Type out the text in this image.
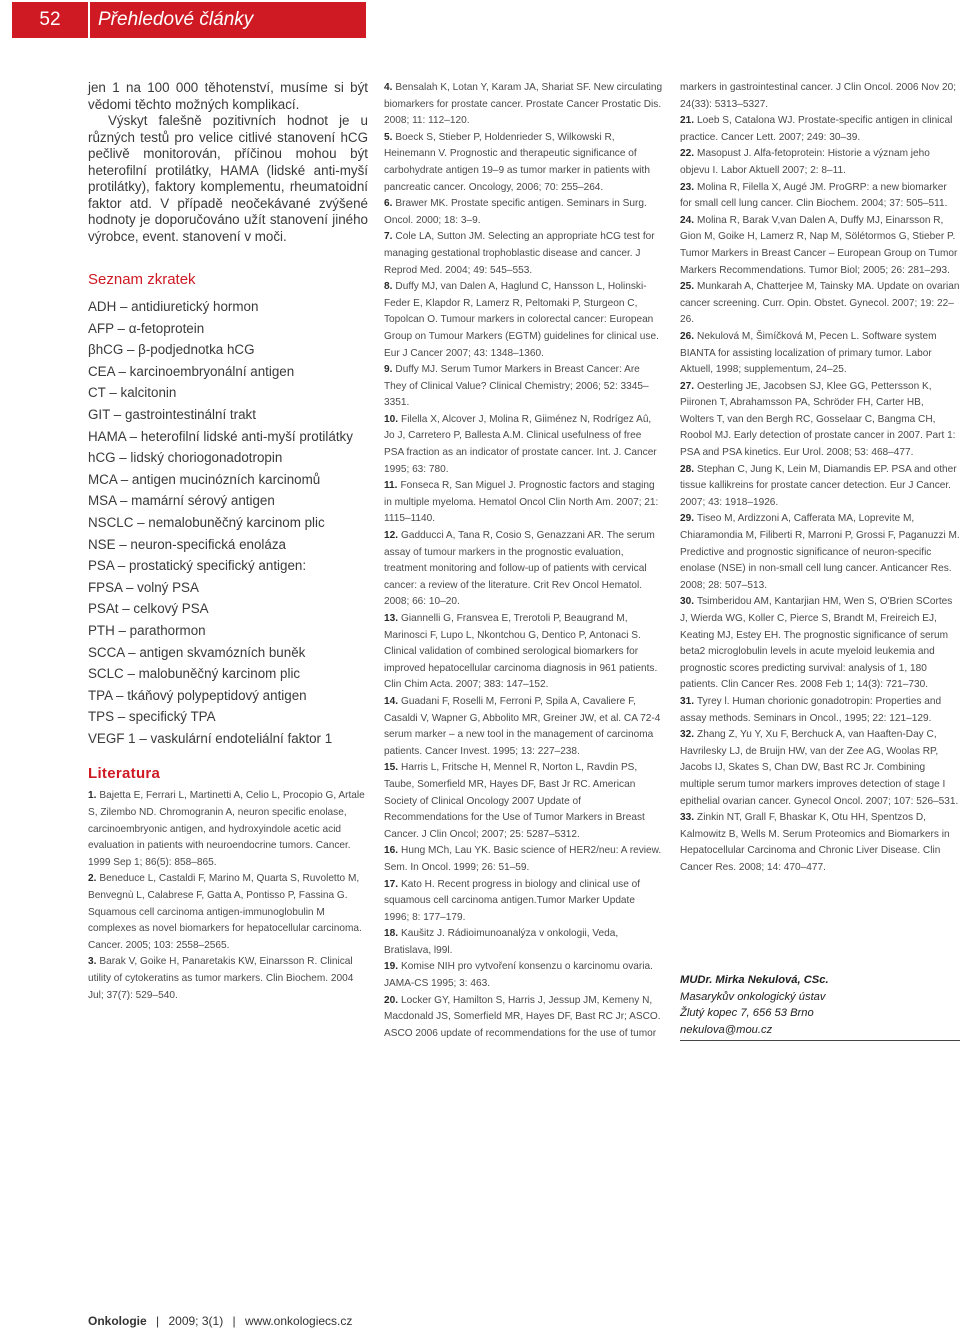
52 Přehledové články

jen 1 na 100 000 těhotenství, musíme si být vědomi těchto možných komplikací.

Výskyt falešně pozitivních hodnot je u různých testů pro velice citlivé stanovení hCG pečlivě monitorován, příčinou mohou být heterofilní protilátky, HAMA (lidské anti-myší protilátky), faktory komplementu, rheumatoidní faktor atd. V případě neočekávané zvýšené hodnoty je doporučováno užít stanovení jiného výrobce, event. stanovení v moči.

Seznam zkratek
ADH – antidiuretický hormon
AFP – α-fetoprotein
βhCG – β-podjednotka hCG
CEA – karcinoembryonální antigen
CT – kalcitonin
GIT – gastrointestinální trakt
HAMA – heterofilní lidské anti-myší protilátky
hCG – lidský choriogonadotropin
MCA – antigen mucinózních karcinomů
MSA – mamární sérový antigen
NSCLC – nemalobuněčný karcinom plic
NSE – neuron-specifická enoláza
PSA – prostatický specifický antigen:
FPSA – volný PSA
PSAt – celkový PSA
PTH – parathormon
SCCA – antigen skvamózních buněk
SCLC – malobuněčný karcinom plic
TPA – tkáňový polypeptidový antigen
TPS – specifický TPA
VEGF 1 – vaskulární endoteliální faktor 1
Literatura
1. Bajetta E, Ferrari L, Martinetti A, Celio L, Procopio G, Artale S, Zilembo ND. Chromogranin A, neuron specific enolase, carcinoembryonic antigen, and hydroxyindole acetic acid evaluation in patients with neuroendocrine tumors. Cancer. 1999 Sep 1; 86(5): 858–865.
2. Beneduce L, Castaldi F, Marino M, Quarta S, Ruvoletto M, Benvegnù L, Calabrese F, Gatta A, Pontisso P, Fassina G. Squamous cell carcinoma antigen-immunoglobulin M complexes as novel biomarkers for hepatocellular carcinoma. Cancer. 2005; 103: 2558–2565.
3. Barak V, Goike H, Panaretakis KW, Einarsson R. Clinical utility of cytokeratins as tumor markers. Clin Biochem. 2004 Jul; 37(7): 529–540.
4. Bensalah K, Lotan Y, Karam JA, Shariat SF. New circulating biomarkers for prostate cancer. Prostate Cancer Prostatic Dis. 2008; 11: 112–120.
5. Boeck S, Stieber P, Holdenrieder S, Wilkowski R, Heinemann V. Prognostic and therapeutic significance of carbohydrate antigen 19–9 as tumor marker in patients with pancreatic cancer. Oncology, 2006; 70: 255–264.
6. Brawer MK. Prostate specific antigen. Seminars in Surg. Oncol. 2000; 18: 3–9.
7. Cole LA, Sutton JM. Selecting an appropriate hCG test for managing gestational trophoblastic disease and cancer. J Reprod Med. 2004; 49: 545–553.
8. Duffy MJ, van Dalen A, Haglund C, Hansson L, Holinski-Feder E, Klapdor R, Lamerz R, Peltomaki P, Sturgeon C, Topolcan O. Tumour markers in colorectal cancer: European Group on Tumour Markers (EGTM) guidelines for clinical use. Eur J Cancer 2007; 43: 1348–1360.
9. Duffy MJ. Serum Tumor Markers in Breast Cancer: Are They of Clinical Value? Clinical Chemistry; 2006; 52: 3345–3351.
10. Filella X, Alcover J, Molina R, Giiménez N, Rodrígez Aû, Jo J, Carretero P, Ballesta A.M. Clinical usefulness of free PSA fraction as an indicator of prostate cancer. Int. J. Cancer 1995; 63: 780.
11. Fonseca R, San Miguel J. Prognostic factors and staging in multiple myeloma. Hematol Oncol Clin North Am. 2007; 21: 1115–1140.
12. Gadducci A, Tana R, Cosio S, Genazzani AR. The serum assay of tumour markers in the prognostic evaluation, treatment monitoring and follow-up of patients with cervical cancer: a review of the literature. Crit Rev Oncol Hematol. 2008; 66: 10–20.
13. Giannelli G, Fransvea E, Trerotoli P, Beaugrand M, Marinosci F, Lupo L, Nkontchou G, Dentico P, Antonaci S. Clinical validation of combined serological biomarkers for improved hepatocellular carcinoma diagnosis in 961 patients. Clin Chim Acta. 2007; 383: 147–152.
14. Guadani F, Roselli M, Ferroni P, Spila A, Cavaliere F, Casaldi V, Wapner G, Abbolito MR, Greiner JW, et al. CA 72-4 serum marker – a new tool in the management of carcinoma patients. Cancer Invest. 1995; 13: 227–238.
15. Harris L, Fritsche H, Mennel R, Norton L, Ravdin PS, Taube, Somerfield MR, Hayes DF, Bast Jr RC. American Society of Clinical Oncology 2007 Update of Recommendations for the Use of Tumor Markers in Breast Cancer. J Clin Oncol; 2007; 25: 5287–5312.
16. Hung MCh, Lau YK. Basic science of HER2/neu: A review. Sem. In Oncol. 1999; 26: 51–59.
17. Kato H. Recent progress in biology and clinical use of squamous cell carcinoma antigen.Tumor Marker Update 1996; 8: 177–179.
18. Kaušitz J. Rádioimunoanalýza v onkologii, Veda, Bratislava, l99l.
19. Komise NIH pro vytvoření konsenzu o karcinomu ovaria. JAMA-CS 1995; 3: 463.
20. Locker GY, Hamilton S, Harris J, Jessup JM, Kemeny N, Macdonald JS, Somerfield MR, Hayes DF, Bast RC Jr; ASCO. ASCO 2006 update of recommendations for the use of tumor
markers in gastrointestinal cancer. J Clin Oncol. 2006 Nov 20; 24(33): 5313–5327.
21. Loeb S, Catalona WJ. Prostate-specific antigen in clinical practice. Cancer Lett. 2007; 249: 30–39.
22. Masopust J. Alfa-fetoprotein: Historie a význam jeho objevu I. Labor Aktuell 2007; 2: 8–11.
23. Molina R, Filella X, Augé JM. ProGRP: a new biomarker for small cell lung cancer. Clin Biochem. 2004; 37: 505–511.
24. Molina R, Barak V,van Dalen A, Duffy MJ, Einarsson R, Gion M, Goike H, Lamerz R, Nap M, Sölétormos G, Stieber P. Tumor Markers in Breast Cancer – European Group on Tumor Markers Recommendations. Tumor Biol; 2005; 26: 281–293.
25. Munkarah A, Chatterjee M, Tainsky MA. Update on ovarian cancer screening. Curr. Opin. Obstet. Gynecol. 2007; 19: 22–26.
26. Nekulová M, Šimíčková M, Pecen L. Software system BIANTA for assisting localization of primary tumor. Labor Aktuell, 1998; supplementum, 24–25.
27. Oesterling JE, Jacobsen SJ, Klee GG, Pettersson K, Piironen T, Abrahamsson PA, Schröder FH, Carter HB, Wolters T, van den Bergh RC, Gosselaar C, Bangma CH, Roobol MJ. Early detection of prostate cancer in 2007. Part 1: PSA and PSA kinetics. Eur Urol. 2008; 53: 468–477.
28. Stephan C, Jung K, Lein M, Diamandis EP. PSA and other tissue kallikreins for prostate cancer detection. Eur J Cancer. 2007; 43: 1918–1926.
29. Tiseo M, Ardizzoni A, Cafferata MA, Loprevite M, Chiaramondia M, Filiberti R, Marroni P, Grossi F, Paganuzzi M. Predictive and prognostic significance of neuron-specific enolase (NSE) in non-small cell lung cancer. Anticancer Res. 2008; 28: 507–513.
30. Tsimberidou AM, Kantarjian HM, Wen S, O'Brien SCortes J, Wierda WG, Koller C, Pierce S, Brandt M, Freireich EJ, Keating MJ, Estey EH. The prognostic significance of serum beta2 microglobulin levels in acute myeloid leukemia and prognostic scores predicting survival: analysis of 1, 180 patients. Clin Cancer Res. 2008 Feb 1; 14(3): 721–730.
31. Tyrey l. Human chorionic gonadotropin: Properties and assay methods. Seminars in Oncol., 1995; 22: 121–129.
32. Zhang Z, Yu Y, Xu F, Berchuck A, van Haaften-Day C, Havrilesky LJ, de Bruijn HW, van der Zee AG, Woolas RP, Jacobs IJ, Skates S, Chan DW, Bast RC Jr. Combining multiple serum tumor markers improves detection of stage I epithelial ovarian cancer. Gynecol Oncol. 2007; 107: 526–531.
33. Zinkin NT, Grall F, Bhaskar K, Otu HH, Spentzos D, Kalmowitz B, Wells M. Serum Proteomics and Biomarkers in Hepatocellular Carcinoma and Chronic Liver Disease. Clin Cancer Res. 2008; 14: 470–477.
MUDr. Mirka Nekulová, CSc.
Masarykův onkologický ústav
Žlutý kopec 7, 656 53 Brno
nekulova@mou.cz
Onkologie | 2009; 3(1) | www.onkologiecs.cz
